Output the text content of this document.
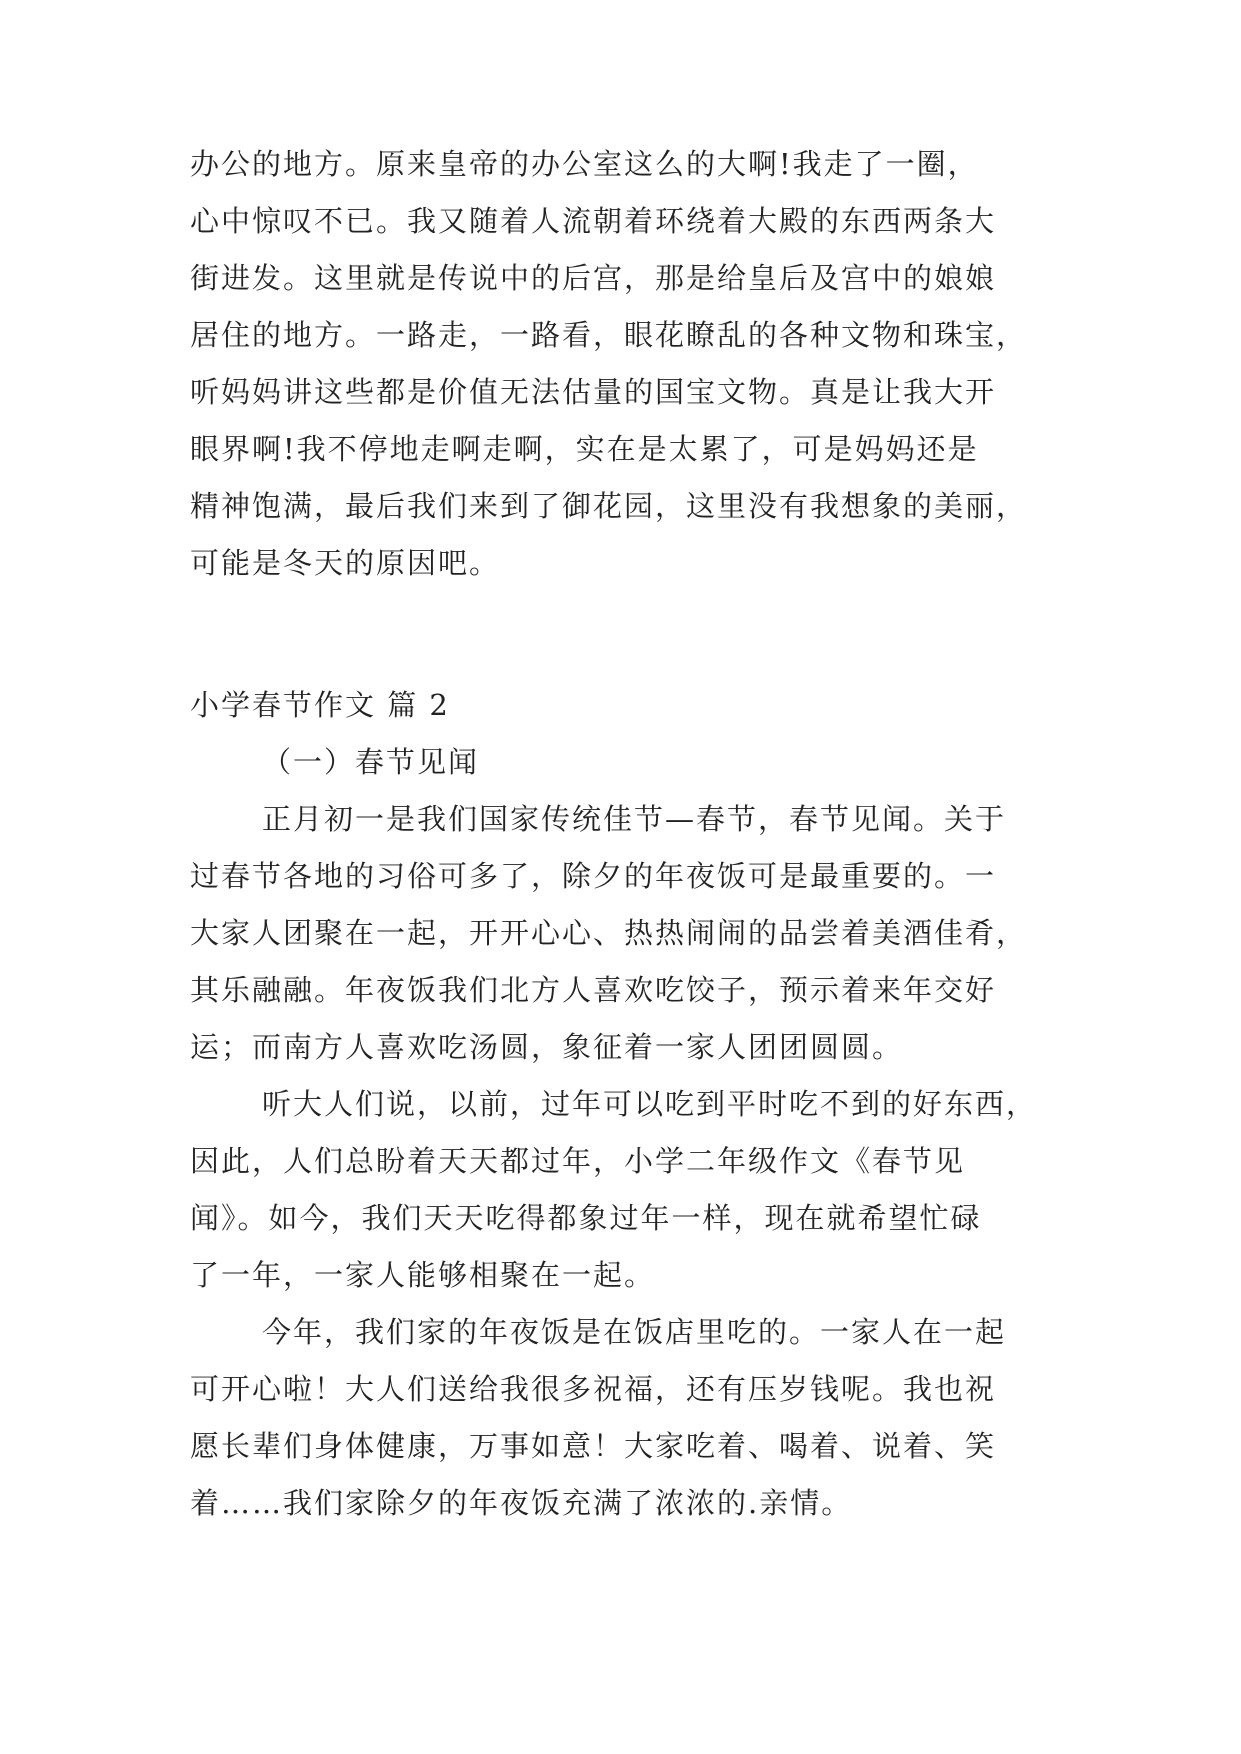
办公的地方。原来皇帝的办公室这么的大啊!我走了一圈，
心中惊叹不已。我又随着人流朝着环绕着大殿的东西两条大
街进发。这里就是传说中的后宫，那是给皇后及宫中的娘娘
居住的地方。一路走，一路看，眼花瞭乱的各种文物和珠宝，
听妈妈讲这些都是价值无法估量的国宝文物。真是让我大开
眼界啊!我不停地走啊走啊，实在是太累了，可是妈妈还是
精神饱满，最后我们来到了御花园，这里没有我想象的美丽，
可能是冬天的原因吧。
小学春节作文 篇 2
（一）春节见闻
正月初一是我们国家传统佳节—春节，春节见闻。关于
过春节各地的习俗可多了，除夕的年夜饭可是最重要的。一
大家人团聚在一起，开开心心、热热闹闹的品尝着美酒佳肴，
其乐融融。年夜饭我们北方人喜欢吃饺子，预示着来年交好
运；而南方人喜欢吃汤圆，象征着一家人团团圆圆。
听大人们说，以前，过年可以吃到平时吃不到的好东西，
因此，人们总盼着天天都过年，小学二年级作文《春节见
闻》。如今，我们天天吃得都象过年一样，现在就希望忙碌
了一年，一家人能够相聚在一起。
今年，我们家的年夜饭是在饭店里吃的。一家人在一起
可开心啦！大人们送给我很多祝福，还有压岁钱呢。我也祝
愿长辈们身体健康，万事如意！大家吃着、喝着、说着、笑
着……我们家除夕的年夜饭充满了浓浓的.亲情。
